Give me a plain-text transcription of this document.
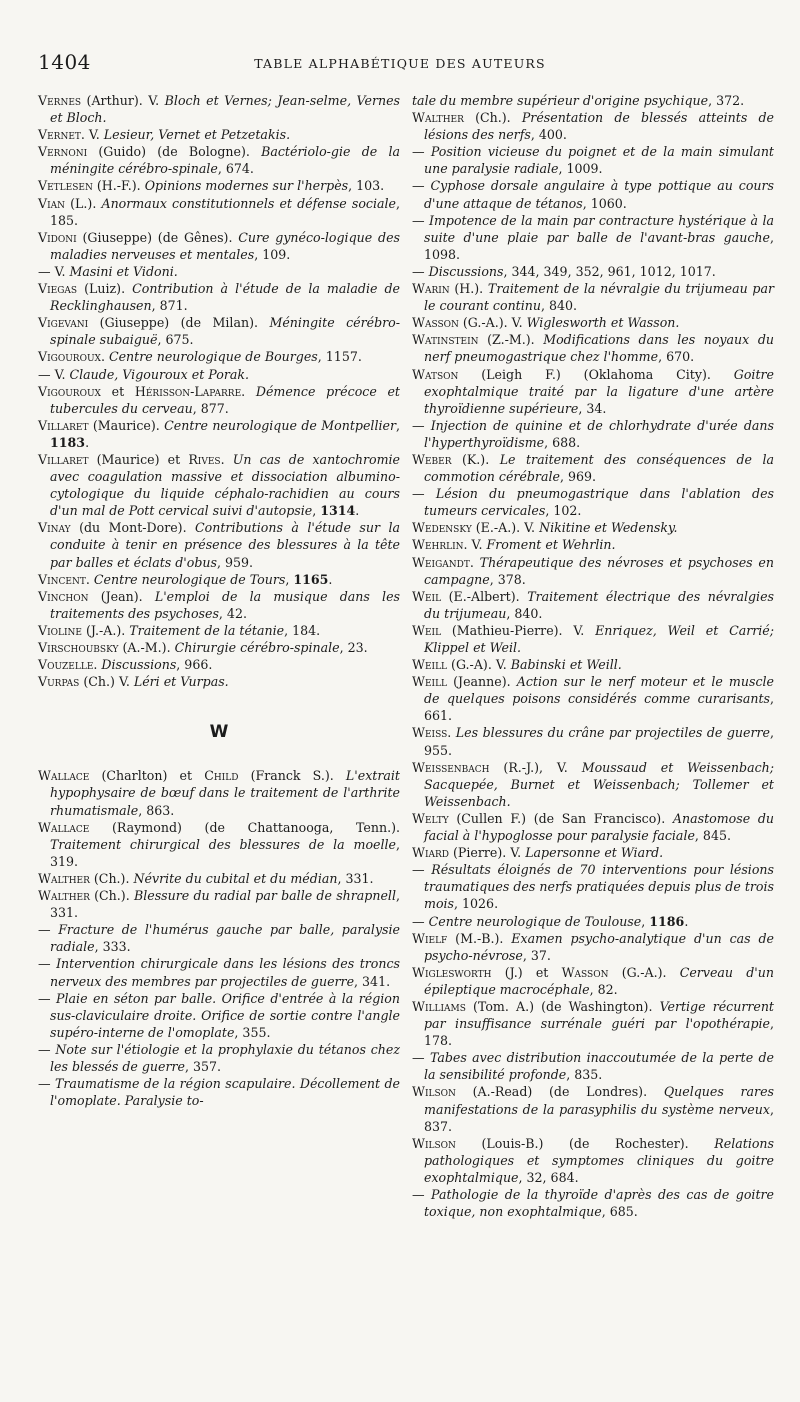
1404	TABLE ALPHABÉTIQUE DES AUTEURS

Vernes (Arthur). V. Bloch et Vernes; Jean-selme, Vernes et Bloch.

Vernet. V. Lesieur, Vernet et Petzetakis.

Vernoni (Guido) (de Bologne). Bactériolo-gie de la méningite cérébro-spinale, 674.

Vetlesen (H.-F.). Opinions modernes sur l'herpès, 103.

Vian (L.). Anormaux constitutionnels et défense sociale, 185.

Vidoni (Giuseppe) (de Gênes). Cure gynéco-logique des maladies nerveuses et mentales, 109.

— V. Masini et Vidoni.

Viegas (Luiz). Contribution à l'étude de la maladie de Recklinghausen, 871.

Vigevani (Giuseppe) (de Milan). Méningite cérébro-spinale subaiguë, 675.

Vigouroux. Centre neurologique de Bourges, 1157.

— V. Claude, Vigouroux et Porak.

Vigouroux et Hérisson-Laparre. Démence précoce et tubercules du cerveau, 877.

Villaret (Maurice). Centre neurologique de Montpellier, 1183.

Villaret (Maurice) et Rives. Un cas de xantochromie avec coagulation massive et dissociation albumino-cytologique du liquide céphalo-rachidien au cours d'un mal de Pott cervical suivi d'autopsie, 1314.

Vinay (du Mont-Dore). Contributions à l'étude sur la conduite à tenir en présence des blessures à la tête par balles et éclats d'obus, 959.

Vincent. Centre neurologique de Tours, 1165.

Vinchon (Jean). L'emploi de la musique dans les traitements des psychoses, 42.

Violine (J.-A.). Traitement de la tétanie, 184.

Virschoubsky (A.-M.). Chirurgie cérébro-spinale, 23.

Vouzelle. Discussions, 966.

Vurpas (Ch.) V. Léri et Vurpas.

W

Wallace (Charlton) et Child (Franck S.). L'extrait hypophysaire de bœuf dans le traitement de l'arthrite rhumatismale, 863.

Wallace (Raymond) (de Chattanooga, Tenn.). Traitement chirurgical des blessures de la moelle, 319.

Walther (Ch.). Névrite du cubital et du médian, 331.

Walther (Ch.). Blessure du radial par balle de shrapnell, 331.

— Fracture de l'humérus gauche par balle, paralysie radiale, 333.

— Intervention chirurgicale dans les lésions des troncs nerveux des membres par projectiles de guerre, 341.

— Plaie en séton par balle. Orifice d'entrée à la région sus-claviculaire droite. Orifice de sortie contre l'angle supéro-interne de l'omoplate, 355.

— Note sur l'étiologie et la prophylaxie du tétanos chez les blessés de guerre, 357.

— Traumatisme de la région scapulaire. Décollement de l'omoplate. Paralysie to-

tale du membre supérieur d'origine psychique, 372.

Walther (Ch.). Présentation de blessés atteints de lésions des nerfs, 400.

— Position vicieuse du poignet et de la main simulant une paralysie radiale, 1009.

— Cyphose dorsale angulaire à type pottique au cours d'une attaque de tétanos, 1060.

— Impotence de la main par contracture hystérique à la suite d'une plaie par balle de l'avant-bras gauche, 1098.

— Discussions, 344, 349, 352, 961, 1012, 1017.

Warin (H.). Traitement de la névralgie du trijumeau par le courant continu, 840.

Wasson (G.-A.). V. Wiglesworth et Wasson.

Watinstein (Z.-M.). Modifications dans les noyaux du nerf pneumogastrique chez l'homme, 670.

Watson (Leigh F.) (Oklahoma City). Goitre exophtalmique traité par la ligature d'une artère thyroïdienne supérieure, 34.

— Injection de quinine et de chlorhydrate d'urée dans l'hyperthyroïdisme, 688.

Weber (K.). Le traitement des conséquences de la commotion cérébrale, 969.

— Lésion du pneumogastrique dans l'ablation des tumeurs cervicales, 102.

Wedensky (E.-A.). V. Nikitine et Wedensky.

Wehrlin. V. Froment et Wehrlin.

Weigandt. Thérapeutique des névroses et psychoses en campagne, 378.

Weil (E.-Albert). Traitement électrique des névralgies du trijumeau, 840.

Weil (Mathieu-Pierre). V. Enriquez, Weil et Carrié; Klippel et Weil.

Weill (G.-A). V. Babinski et Weill.

Weill (Jeanne). Action sur le nerf moteur et le muscle de quelques poisons considérés comme curarisants, 661.

Weiss. Les blessures du crâne par projectiles de guerre, 955.

Weissenbach (R.-J.), V. Moussaud et Weissenbach; Sacquepée, Burnet et Weissenbach; Tollemer et Weissenbach.

Welty (Cullen F.) (de San Francisco). Anastomose du facial à l'hypoglosse pour paralysie faciale, 845.

Wiard (Pierre). V. Lapersonne et Wiard.

— Résultats éloignés de 70 interventions pour lésions traumatiques des nerfs pratiquées depuis plus de trois mois, 1026.

— Centre neurologique de Toulouse, 1186.

Wielf (M.-B.). Examen psycho-analytique d'un cas de psycho-névrose, 37.

Wiglesworth (J.) et Wasson (G.-A.). Cerveau d'un épileptique macrocéphale, 82.

Williams (Tom. A.) (de Washington). Vertige récurrent par insuffisance surrénale guéri par l'opothérapie, 178.

— Tabes avec distribution inaccoutumée de la perte de la sensibilité profonde, 835.

Wilson (A.-Read) (de Londres). Quelques rares manifestations de la parasyphilis du système nerveux, 837.

Wilson (Louis-B.) (de Rochester). Relations pathologiques et symptomes cliniques du goitre exophtalmique, 32, 684.

— Pathologie de la thyroïde d'après des cas de goitre toxique, non exophtalmique, 685.
